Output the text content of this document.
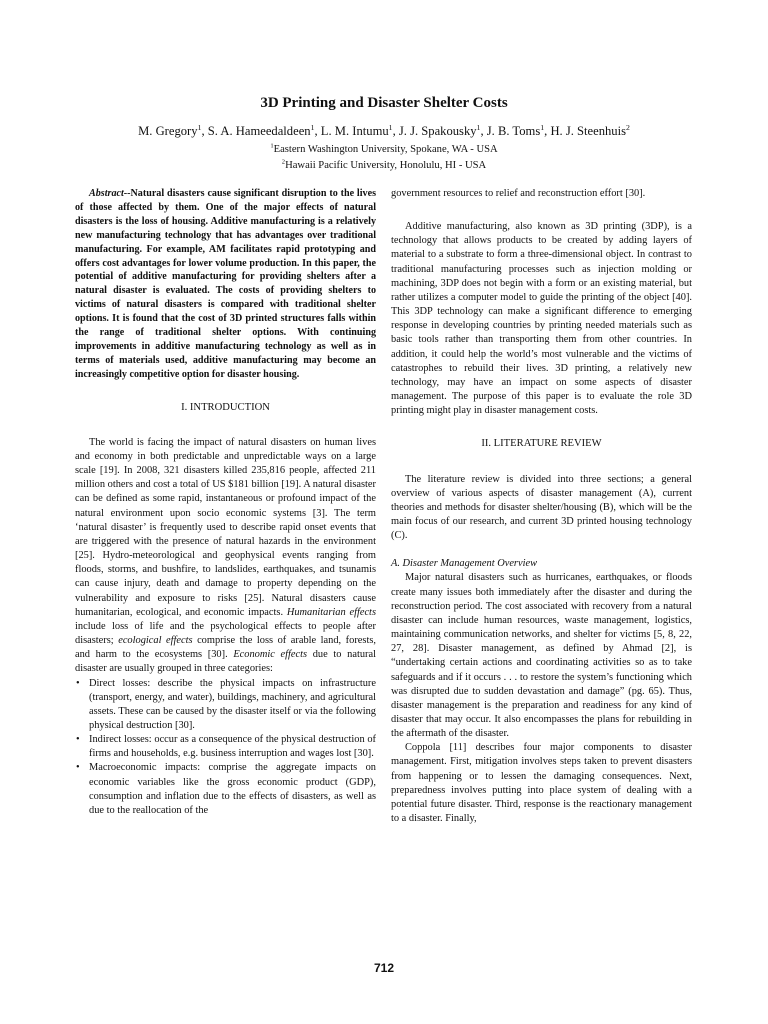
3D Printing and Disaster Shelter Costs
M. Gregory$^1$, S. A. Hameedaldeen$^1$, L. M. Intumu$^1$, J. J. Spakousky$^1$, J. B. Toms$^1$, H. J. Steenhuis$^2$
$^1$Eastern Washington University, Spokane, WA - USA
$^2$Hawaii Pacific University, Honolulu, HI - USA

Abstract--Natural disasters cause significant disruption to the lives of those affected by them. One of the major effects of natural disasters is the loss of housing. Additive manufacturing is a relatively new manufacturing technology that has advantages over traditional manufacturing. For example, AM facilitates rapid prototyping and offers cost advantages for lower volume production. In this paper, the potential of additive manufacturing for providing shelters after a natural disaster is evaluated. The costs of providing shelters to victims of natural disasters is compared with traditional shelter options. It is found that the cost of 3D printed structures falls within the range of traditional shelter options. With continuing improvements in additive manufacturing technology as well as in terms of materials used, additive manufacturing may become an increasingly competitive option for disaster housing.

I. INTRODUCTION

The world is facing the impact of natural disasters on human lives and economy in both predictable and unpredictable ways on a large scale [19]. In 2008, 321 disasters killed 235,816 people, affected 211 million others and cost a total of US $181 billion [19]. A natural disaster can be defined as some rapid, instantaneous or profound impact of the natural environment upon socio economic systems [3]. The term ‘natural disaster’ is frequently used to describe rapid onset events that are triggered with the presence of natural hazards in the environment [25]. Hydro-meteorological and geophysical events ranging from floods, storms, and bushfire, to landslides, earthquakes, and tsunamis can cause injury, death and damage to property depending on the vulnerability and exposure to risks [25]. Natural disasters cause humanitarian, ecological, and economic impacts. Humanitarian effects include loss of life and the psychological effects to people after disasters; ecological effects comprise the loss of arable land, forests, and harm to the ecosystems [30]. Economic effects due to natural disaster are usually grouped in three categories:

• Direct losses: describe the physical impacts on infrastructure (transport, energy, and water), buildings, machinery, and agricultural assets. These can be caused by the disaster itself or via the following physical destruction [30].
• Indirect losses: occur as a consequence of the physical destruction of firms and households, e.g. business interruption and wages lost [30].
• Macroeconomic impacts: comprise the aggregate impacts on economic variables like the gross economic product (GDP), consumption and inflation due to the effects of disasters, as well as due to the reallocation of the

government resources to relief and reconstruction effort [30].

Additive manufacturing, also known as 3D printing (3DP), is a technology that allows products to be created by adding layers of material to a substrate to form a three-dimensional object. In contrast to traditional manufacturing processes such as injection molding or machining, 3DP does not begin with a form or an existing material, but rather utilizes a computer model to guide the printing of the object [40]. This 3DP technology can make a significant difference to emerging response in developing countries by printing needed materials such as basic tools rather than transporting them from other countries. In addition, it could help the world’s most vulnerable and the victims of catastrophes to rebuild their lives. 3D printing, a relatively new technology, may have an impact on some aspects of disaster management. The purpose of this paper is to evaluate the role 3D printing might play in disaster management costs.

II. LITERATURE REVIEW

The literature review is divided into three sections; a general overview of various aspects of disaster management (A), current theories and methods for disaster shelter/housing (B), which will be the main focus of our research, and current 3D printed housing technology (C).

A. Disaster Management Overview

Major natural disasters such as hurricanes, earthquakes, or floods create many issues both immediately after the disaster and during the reconstruction period. The cost associated with recovery from a natural disaster can include human resources, waste management, logistics, maintaining communication networks, and shelter for victims [5, 8, 22, 27, 28]. Disaster management, as defined by Ahmad [2], is “undertaking certain actions and coordinating activities so as to take safeguards and if it occurs . . . to restore the system’s functioning which was disrupted due to sudden devastation and damage” (pg. 65). Thus, disaster management is the preparation and readiness for any kind of disaster that may occur. It also encompasses the plans for rebuilding in the aftermath of the disaster.

Coppola [11] describes four major components to disaster management. First, mitigation involves steps taken to prevent disasters from happening or to lessen the damaging consequences. Next, preparedness involves putting into place system of dealing with a potential future disaster. Third, response is the reactionary management to a disaster. Finally,

712
